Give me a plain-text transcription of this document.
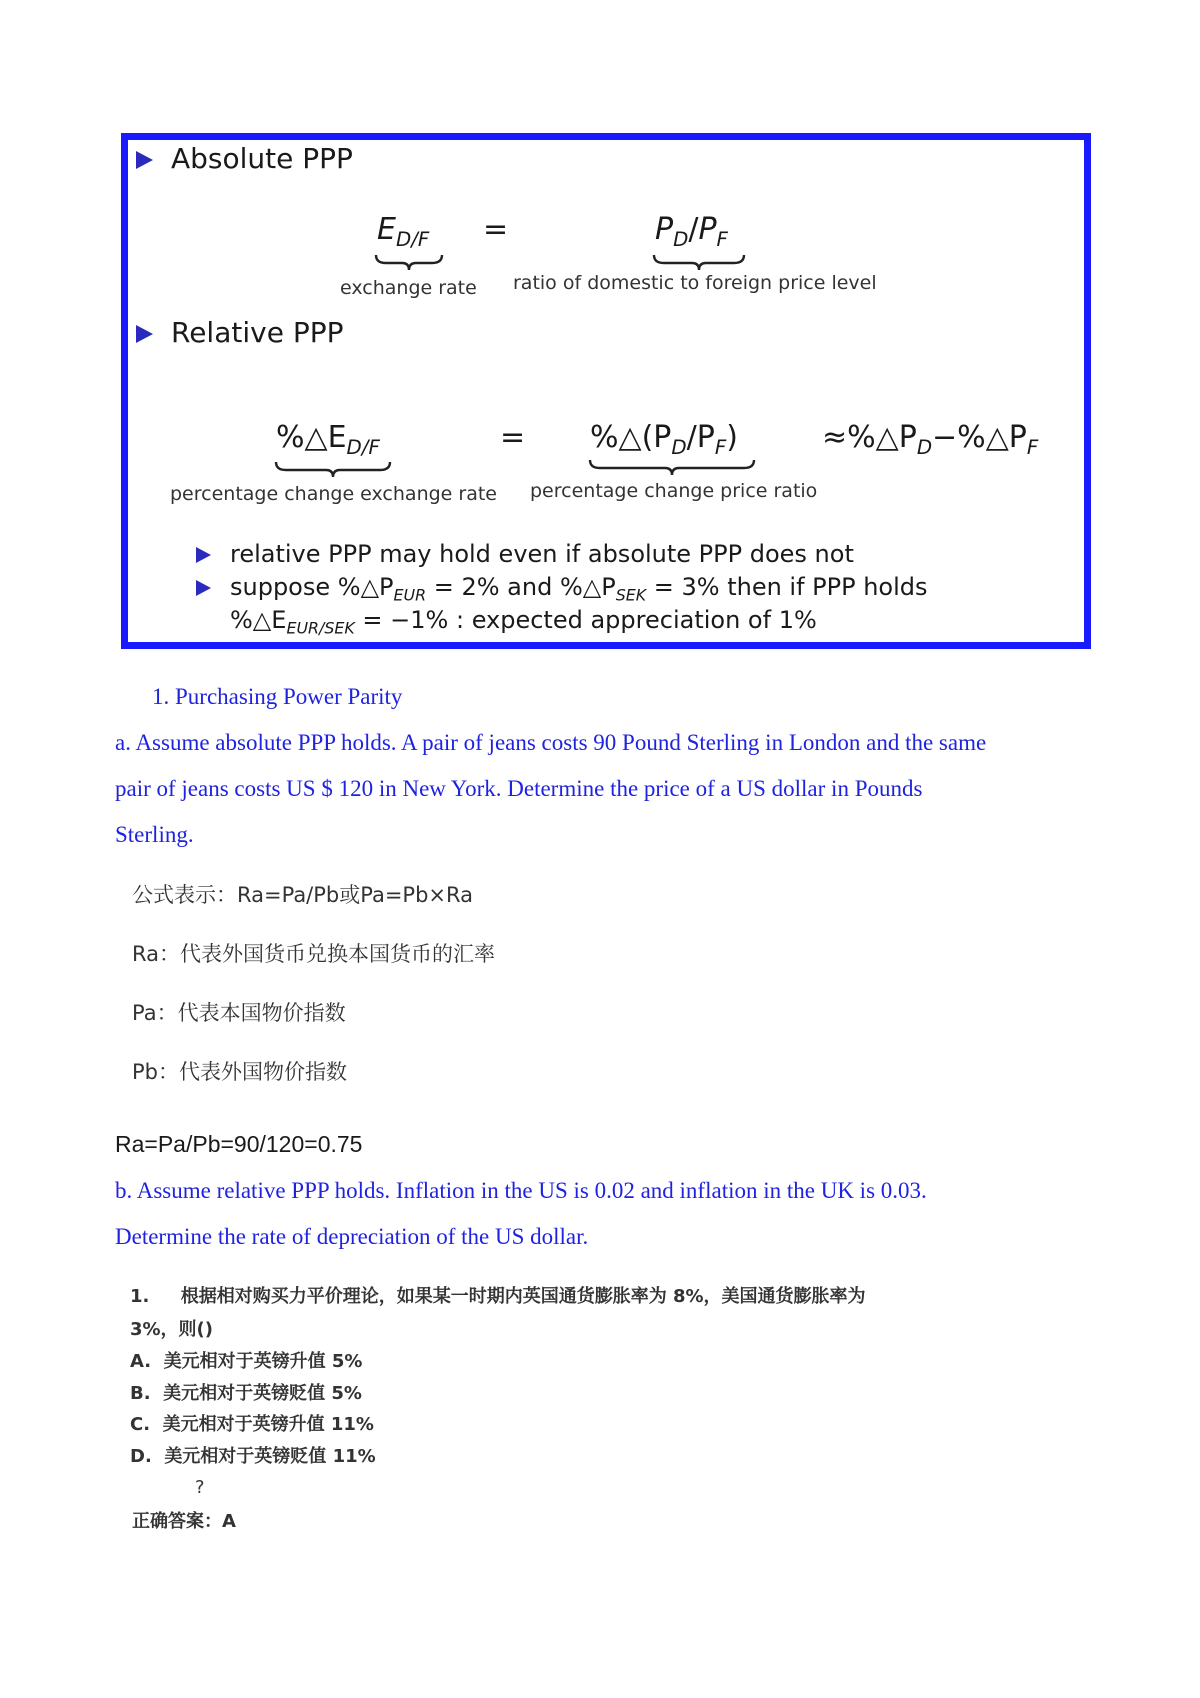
Absolute PPP
$E_{D/F}$ =	$P_D/P_F$
exchange rate ratio of domestic to foreign price level
Relative PPP
$\%\triangle E_{D/F}$	= $\%\triangle(P_D/P_F)$	$\approx\%\triangle P_D-\%\triangle P_F$
percentage change exchange rate percentage change price ratio
relative PPP may hold even if absolute PPP does not
suppose $\%\triangle P_{EUR} = 2\%$ and $\%\triangle P_{SEK} = 3\%$ then if PPP holds
$\%\triangle E_{EUR/SEK} = -1\%$ : expected appreciation of 1%
1. Purchasing Power Parity
a. Assume absolute PPP holds. A pair of jeans costs 90 Pound Sterling in London and the same
pair of jeans costs US $ 120 in New York. Determine the price of a US dollar in Pounds
Sterling.
公式表示：Ra=Pa/Pb或Pa=Pb×Ra
Ra：代表外国货币兑换本国货币的汇率
Pa：代表本国物价指数
Pb：代表外国物价指数
Ra=Pa/Pb=90/120=0.75
b. Assume relative PPP holds. Inflation in the US is 0.02 and inflation in the UK is 0.03.
Determine the rate of depreciation of the US dollar.
1.     根据相对购买力平价理论，如果某一时期内英国通货膨胀率为 8%，美国通货膨胀率为
3%，则()
A.  美元相对于英镑升值 5%
B.  美元相对于英镑贬值 5%
C.  美元相对于英镑升值 11%
D.  美元相对于英镑贬值 11%
?
正确答案：A
